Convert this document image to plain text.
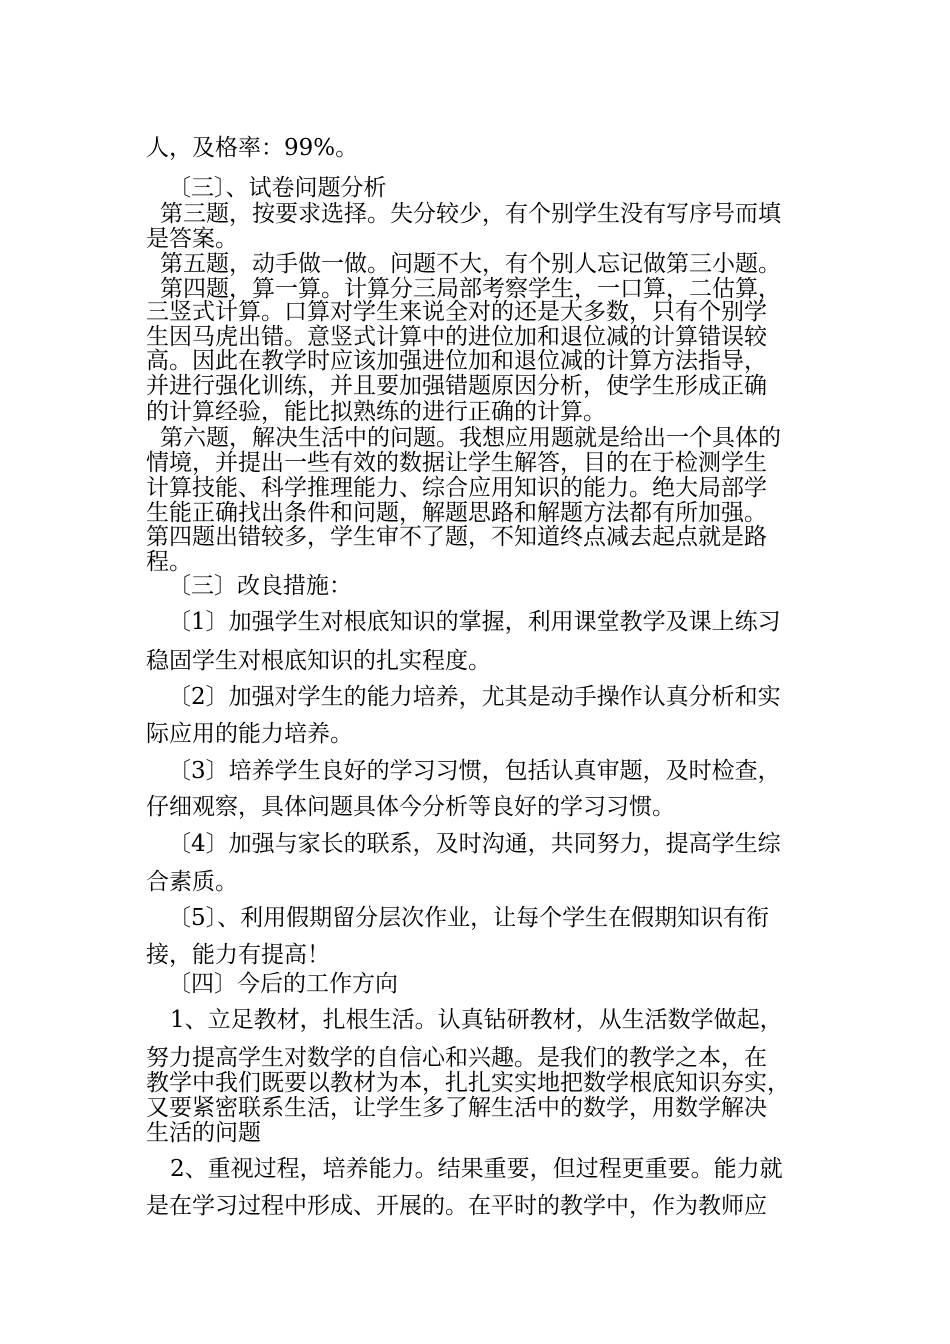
人，及格率：99%。
〔三〕、试卷问题分析
第三题，按要求选择。失分较少，有个别学生没有写序号而填
是答案。
第五题，动手做一做。问题不大，有个别人忘记做第三小题。
第四题，算一算。计算分三局部考察学生，一口算，二估算，
三竖式计算。口算对学生来说全对的还是大多数，只有个别学
生因马虎出错。意竖式计算中的进位加和退位减的计算错误较
高。因此在教学时应该加强进位加和退位减的计算方法指导，
并进行强化训练，并且要加强错题原因分析，使学生形成正确
的计算经验，能比拟熟练的进行正确的计算。
第六题，解决生活中的问题。我想应用题就是给出一个具体的
情境，并提出一些有效的数据让学生解答，目的在于检测学生
计算技能、科学推理能力、综合应用知识的能力。绝大局部学
生能正确找出条件和问题，解题思路和解题方法都有所加强。
第四题出错较多，学生审不了题，不知道终点减去起点就是路
程。
〔三〕改良措施：
〔1〕加强学生对根底知识的掌握，利用课堂教学及课上练习
稳固学生对根底知识的扎实程度。
〔2〕加强对学生的能力培养，尤其是动手操作认真分析和实
际应用的能力培养。
〔3〕培养学生良好的学习习惯，包括认真审题，及时检查，
仔细观察，具体问题具体今分析等良好的学习习惯。
〔4〕加强与家长的联系，及时沟通，共同努力，提高学生综
合素质。
〔5〕、利用假期留分层次作业，让每个学生在假期知识有衔
接，能力有提高！
〔四〕今后的工作方向
1、立足教材，扎根生活。认真钻研教材，从生活数学做起，
努力提高学生对数学的自信心和兴趣。是我们的教学之本，在
教学中我们既要以教材为本，扎扎实实地把数学根底知识夯实，
又要紧密联系生活，让学生多了解生活中的数学，用数学解决
生活的问题
2、重视过程，培养能力。结果重要，但过程更重要。能力就
是在学习过程中形成、开展的。在平时的教学中，作为教师应
